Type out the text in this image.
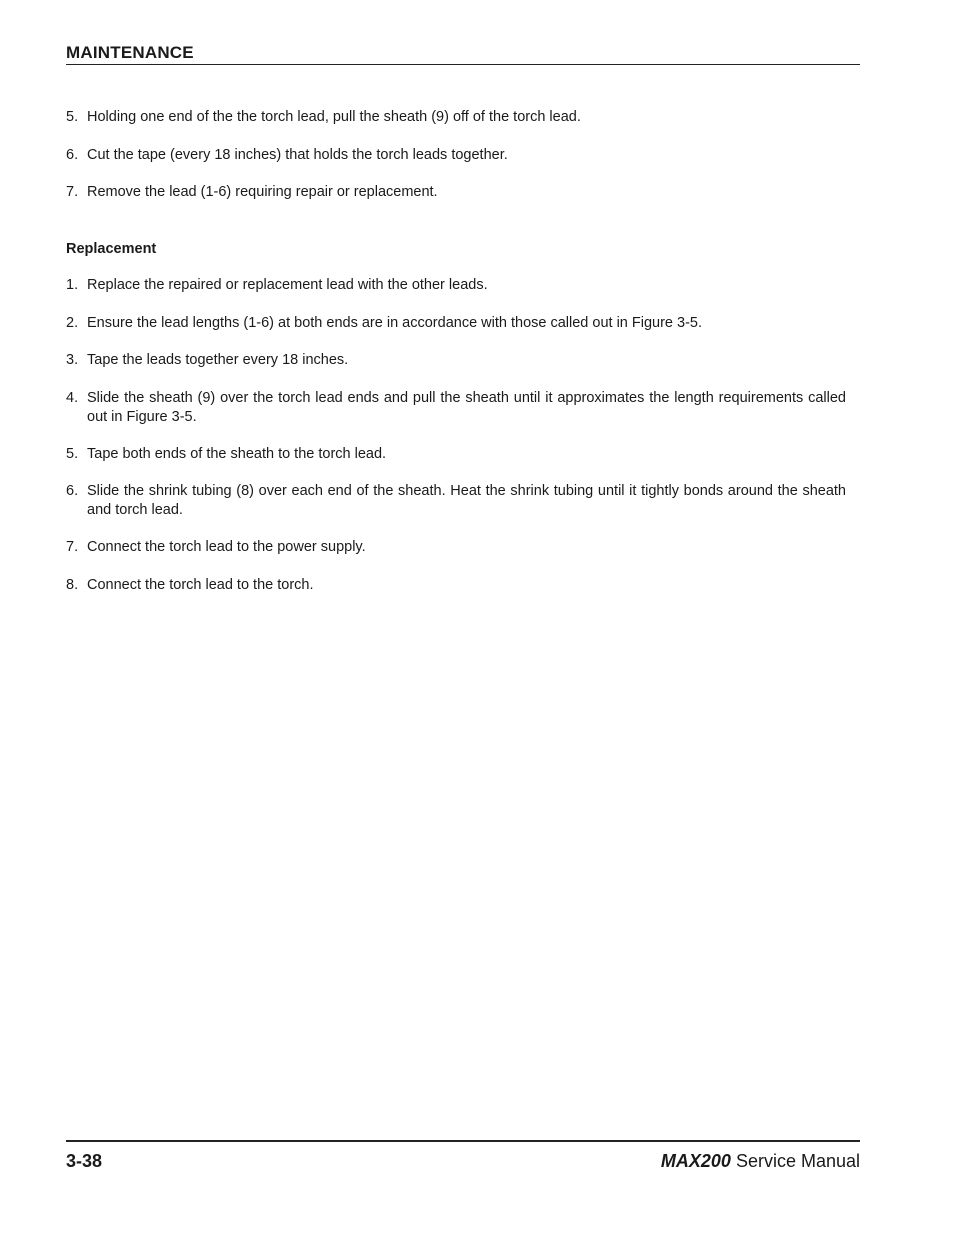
MAINTENANCE
5. Holding one end of the the torch lead, pull the sheath (9) off of the torch lead.
6. Cut the tape (every 18 inches) that holds the torch leads together.
7. Remove the lead (1-6) requiring repair or replacement.
Replacement
1. Replace the repaired or replacement lead with the other leads.
2. Ensure the lead lengths (1-6) at both ends are in accordance with those called out in Figure 3-5.
3. Tape the leads together every 18 inches.
4. Slide the sheath (9) over the torch lead ends and pull the sheath until it approximates the length requirements called out in Figure 3-5.
5. Tape both ends of the sheath to the torch lead.
6. Slide the shrink tubing (8) over each end of the sheath. Heat the shrink tubing until it tightly bonds around the sheath and torch lead.
7. Connect the torch lead to the power supply.
8. Connect the torch lead to the torch.
3-38	MAX200 Service Manual
